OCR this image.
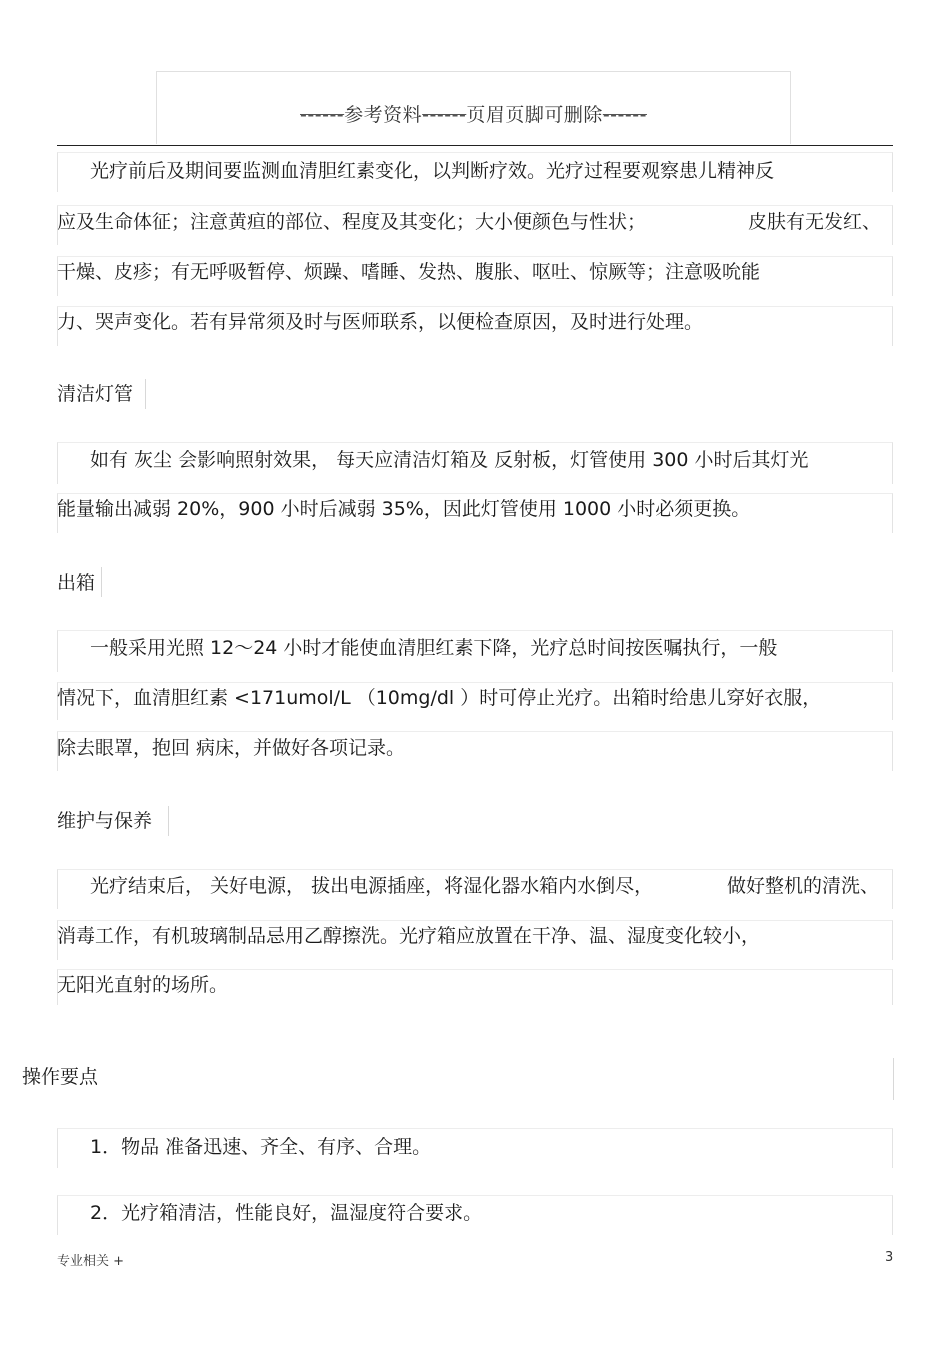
------参考资料------页眉页脚可删除------
光疗前后及期间要监测血清胆红素变化，以判断疗效。光疗过程要观察患儿精神反
应及生命体征；注意黄疸的部位、程度及其变化；大小便颜色与性状；	皮肤有无发红、
干燥、皮疹；有无呼吸暂停、烦躁、嗜睡、发热、腹胀、呕吐、惊厥等；注意吸吮能
力、哭声变化。若有异常须及时与医师联系，以便检查原因，及时进行处理。
清洁灯管
如有 灰尘 会影响照射效果， 每天应清洁灯箱及 反射板，灯管使用 300 小时后其灯光
能量输出减弱 20%，900 小时后减弱 35%，因此灯管使用 1000 小时必须更换。
出箱
一般采用光照 12～24 小时才能使血清胆红素下降，光疗总时间按医嘱执行，一般
情况下，血清胆红素 <171umol/L （10mg/dl ）时可停止光疗。出箱时给患儿穿好衣服，
除去眼罩，抱回 病床，并做好各项记录。
维护与保养
光疗结束后， 关好电源， 拔出电源插座，将湿化器水箱内水倒尽，	做好整机的清洗、
消毒工作，有机玻璃制品忌用乙醇擦洗。光疗箱应放置在干净、温、湿度变化较小，
无阳光直射的场所。
操作要点
1．物品 准备迅速、齐全、有序、合理。
2．光疗箱清洁，性能良好，温湿度符合要求。
专业相关 +	3
